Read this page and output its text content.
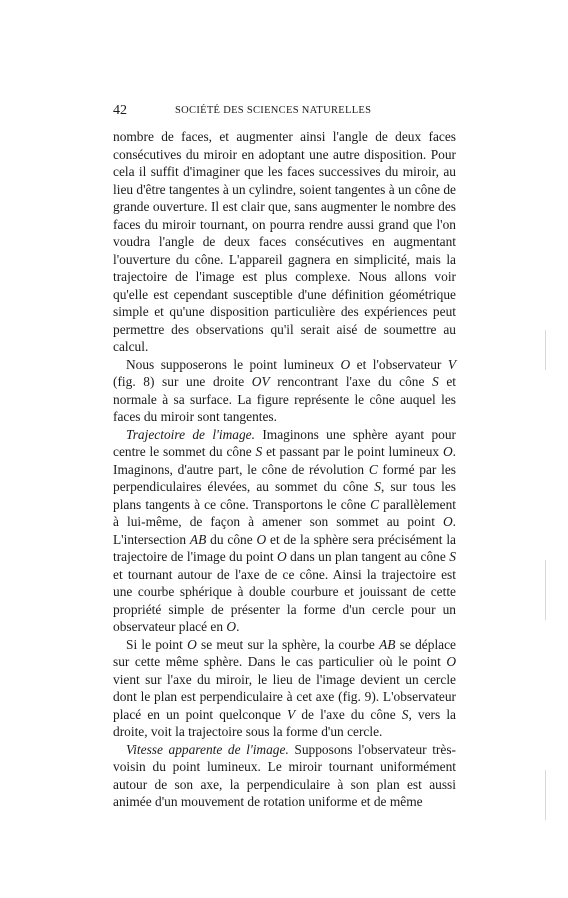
42	SOCIÉTÉ DES SCIENCES NATURELLES

nombre de faces, et augmenter ainsi l'angle de deux faces consécutives du miroir en adoptant une autre disposition. Pour cela il suffit d'imaginer que les faces successives du miroir, au lieu d'être tangentes à un cylindre, soient tangentes à un cône de grande ouverture. Il est clair que, sans augmenter le nombre des faces du miroir tournant, on pourra rendre aussi grand que l'on voudra l'angle de deux faces consécutives en augmentant l'ouverture du cône. L'appareil gagnera en simplicité, mais la trajectoire de l'image est plus complexe. Nous allons voir qu'elle est cependant susceptible d'une définition géométrique simple et qu'une disposition particulière des expériences peut permettre des observations qu'il serait aisé de soumettre au calcul.

Nous supposerons le point lumineux O et l'observateur V (fig. 8) sur une droite OV rencontrant l'axe du cône S et normale à sa surface. La figure représente le cône auquel les faces du miroir sont tangentes.

Trajectoire de l'image. Imaginons une sphère ayant pour centre le sommet du cône S et passant par le point lumineux O. Imaginons, d'autre part, le cône de révolution C formé par les perpendiculaires élevées, au sommet du cône S, sur tous les plans tangents à ce cône. Transportons le cône C parallèlement à lui-même, de façon à amener son sommet au point O. L'intersection AB du cône O et de la sphère sera précisément la trajectoire de l'image du point O dans un plan tangent au cône S et tournant autour de l'axe de ce cône. Ainsi la trajectoire est une courbe sphérique à double courbure et jouissant de cette propriété simple de présenter la forme d'un cercle pour un observateur placé en O.

Si le point O se meut sur la sphère, la courbe AB se déplace sur cette même sphère. Dans le cas particulier où le point O vient sur l'axe du miroir, le lieu de l'image devient un cercle dont le plan est perpendiculaire à cet axe (fig. 9). L'observateur placé en un point quelconque V de l'axe du cône S, vers la droite, voit la trajectoire sous la forme d'un cercle.

Vitesse apparente de l'image. Supposons l'observateur très-voisin du point lumineux. Le miroir tournant uniformément autour de son axe, la perpendiculaire à son plan est aussi animée d'un mouvement de rotation uniforme et de même
